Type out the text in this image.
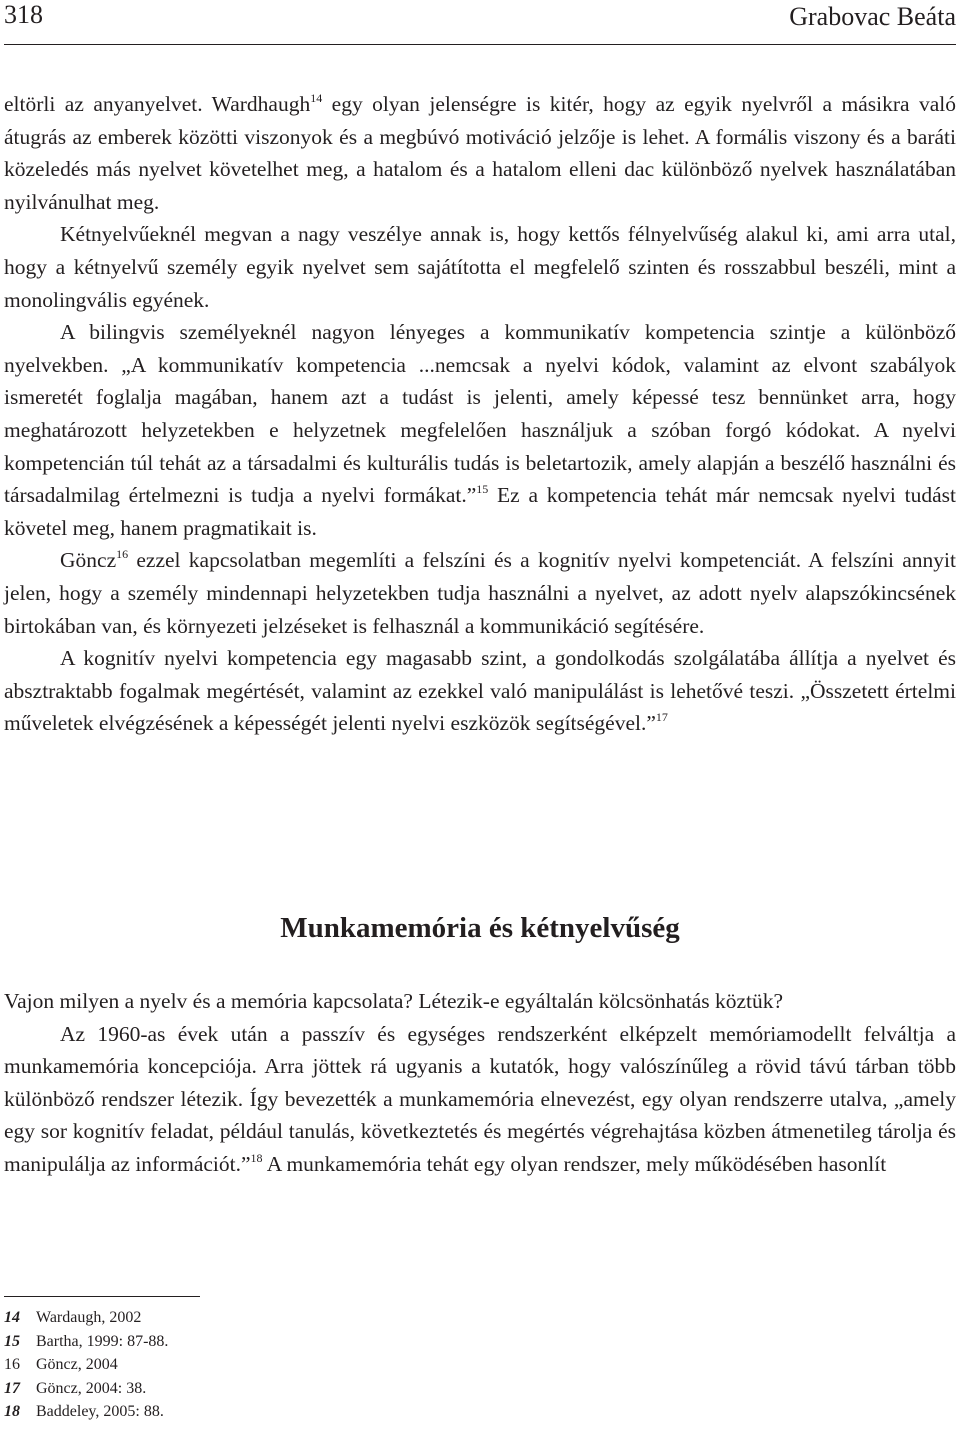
318	Grabovac Beáta

eltörli az anyanyelvet. Wardhaugh$^{14}$ egy olyan jelenségre is kitér, hogy az egyik nyelvről a másikra való átugrás az emberek közötti viszonyok és a megbúvó motiváció jelzője is lehet. A formális viszony és a baráti közeledés más nyelvet követelhet meg, a hatalom és a hatalom elleni dac különböző nyelvek használatában nyilvánulhat meg.

Kétnyelvűeknél megvan a nagy veszélye annak is, hogy kettős félnyelvűség alakul ki, ami arra utal, hogy a kétnyelvű személy egyik nyelvet sem sajátította el megfelelő szinten és rosszabbul beszéli, mint a monolingvális egyének.

A bilingvis személyeknél nagyon lényeges a kommunikatív kompetencia szintje a különböző nyelvekben. „A kommunikatív kompetencia ...nemcsak a nyelvi kódok, valamint az elvont szabályok ismeretét foglalja magában, hanem azt a tudást is jelenti, amely képessé tesz bennünket arra, hogy meghatározott helyzetekben e helyzetnek megfelelően használjuk a szóban forgó kódokat. A nyelvi kompetencián túl tehát az a társadalmi és kulturális tudás is beletartozik, amely alapján a beszélő használni és társadalmilag értelmezni is tudja a nyelvi formákat.”$^{15}$ Ez a kompetencia tehát már nemcsak nyelvi tudást követel meg, hanem pragmatikait is.

Göncz$^{16}$ ezzel kapcsolatban megemlíti a felszíni és a kognitív nyelvi kompetenciát. A felszíni annyit jelen, hogy a személy mindennapi helyzetekben tudja használni a nyelvet, az adott nyelv alapszókincsének birtokában van, és környezeti jelzéseket is felhasznál a kommunikáció segítésére.

A kognitív nyelvi kompetencia egy magasabb szint, a gondolkodás szolgálatába állítja a nyelvet és absztraktabb fogalmak megértését, valamint az ezekkel való manipulálást is lehetővé teszi. „Összetett értelmi műveletek elvégzésének a képességét jelenti nyelvi eszközök segítségével.”$^{17}$

Munkamemória és kétnyelvűség

Vajon milyen a nyelv és a memória kapcsolata? Létezik-e egyáltalán kölcsönhatás köztük?

Az 1960-as évek után a passzív és egységes rendszerként elképzelt memóriamodellt felváltja a munkamemória koncepciója. Arra jöttek rá ugyanis a kutatók, hogy valószínűleg a rövid távú tárban több különböző rendszer létezik. Így bevezették a munkamemória elnevezést, egy olyan rendszerre utalva, „amely egy sor kognitív feladat, például tanulás, következtetés és megértés végrehajtása közben átmenetileg tárolja és manipulálja az információt.”$^{18}$ A munkamemória tehát egy olyan rendszer, mely működésében hasonlít

14 Wardaugh, 2002
15 Bartha, 1999: 87-88.
16 Göncz, 2004
17 Göncz, 2004: 38.
18 Baddeley, 2005: 88.
